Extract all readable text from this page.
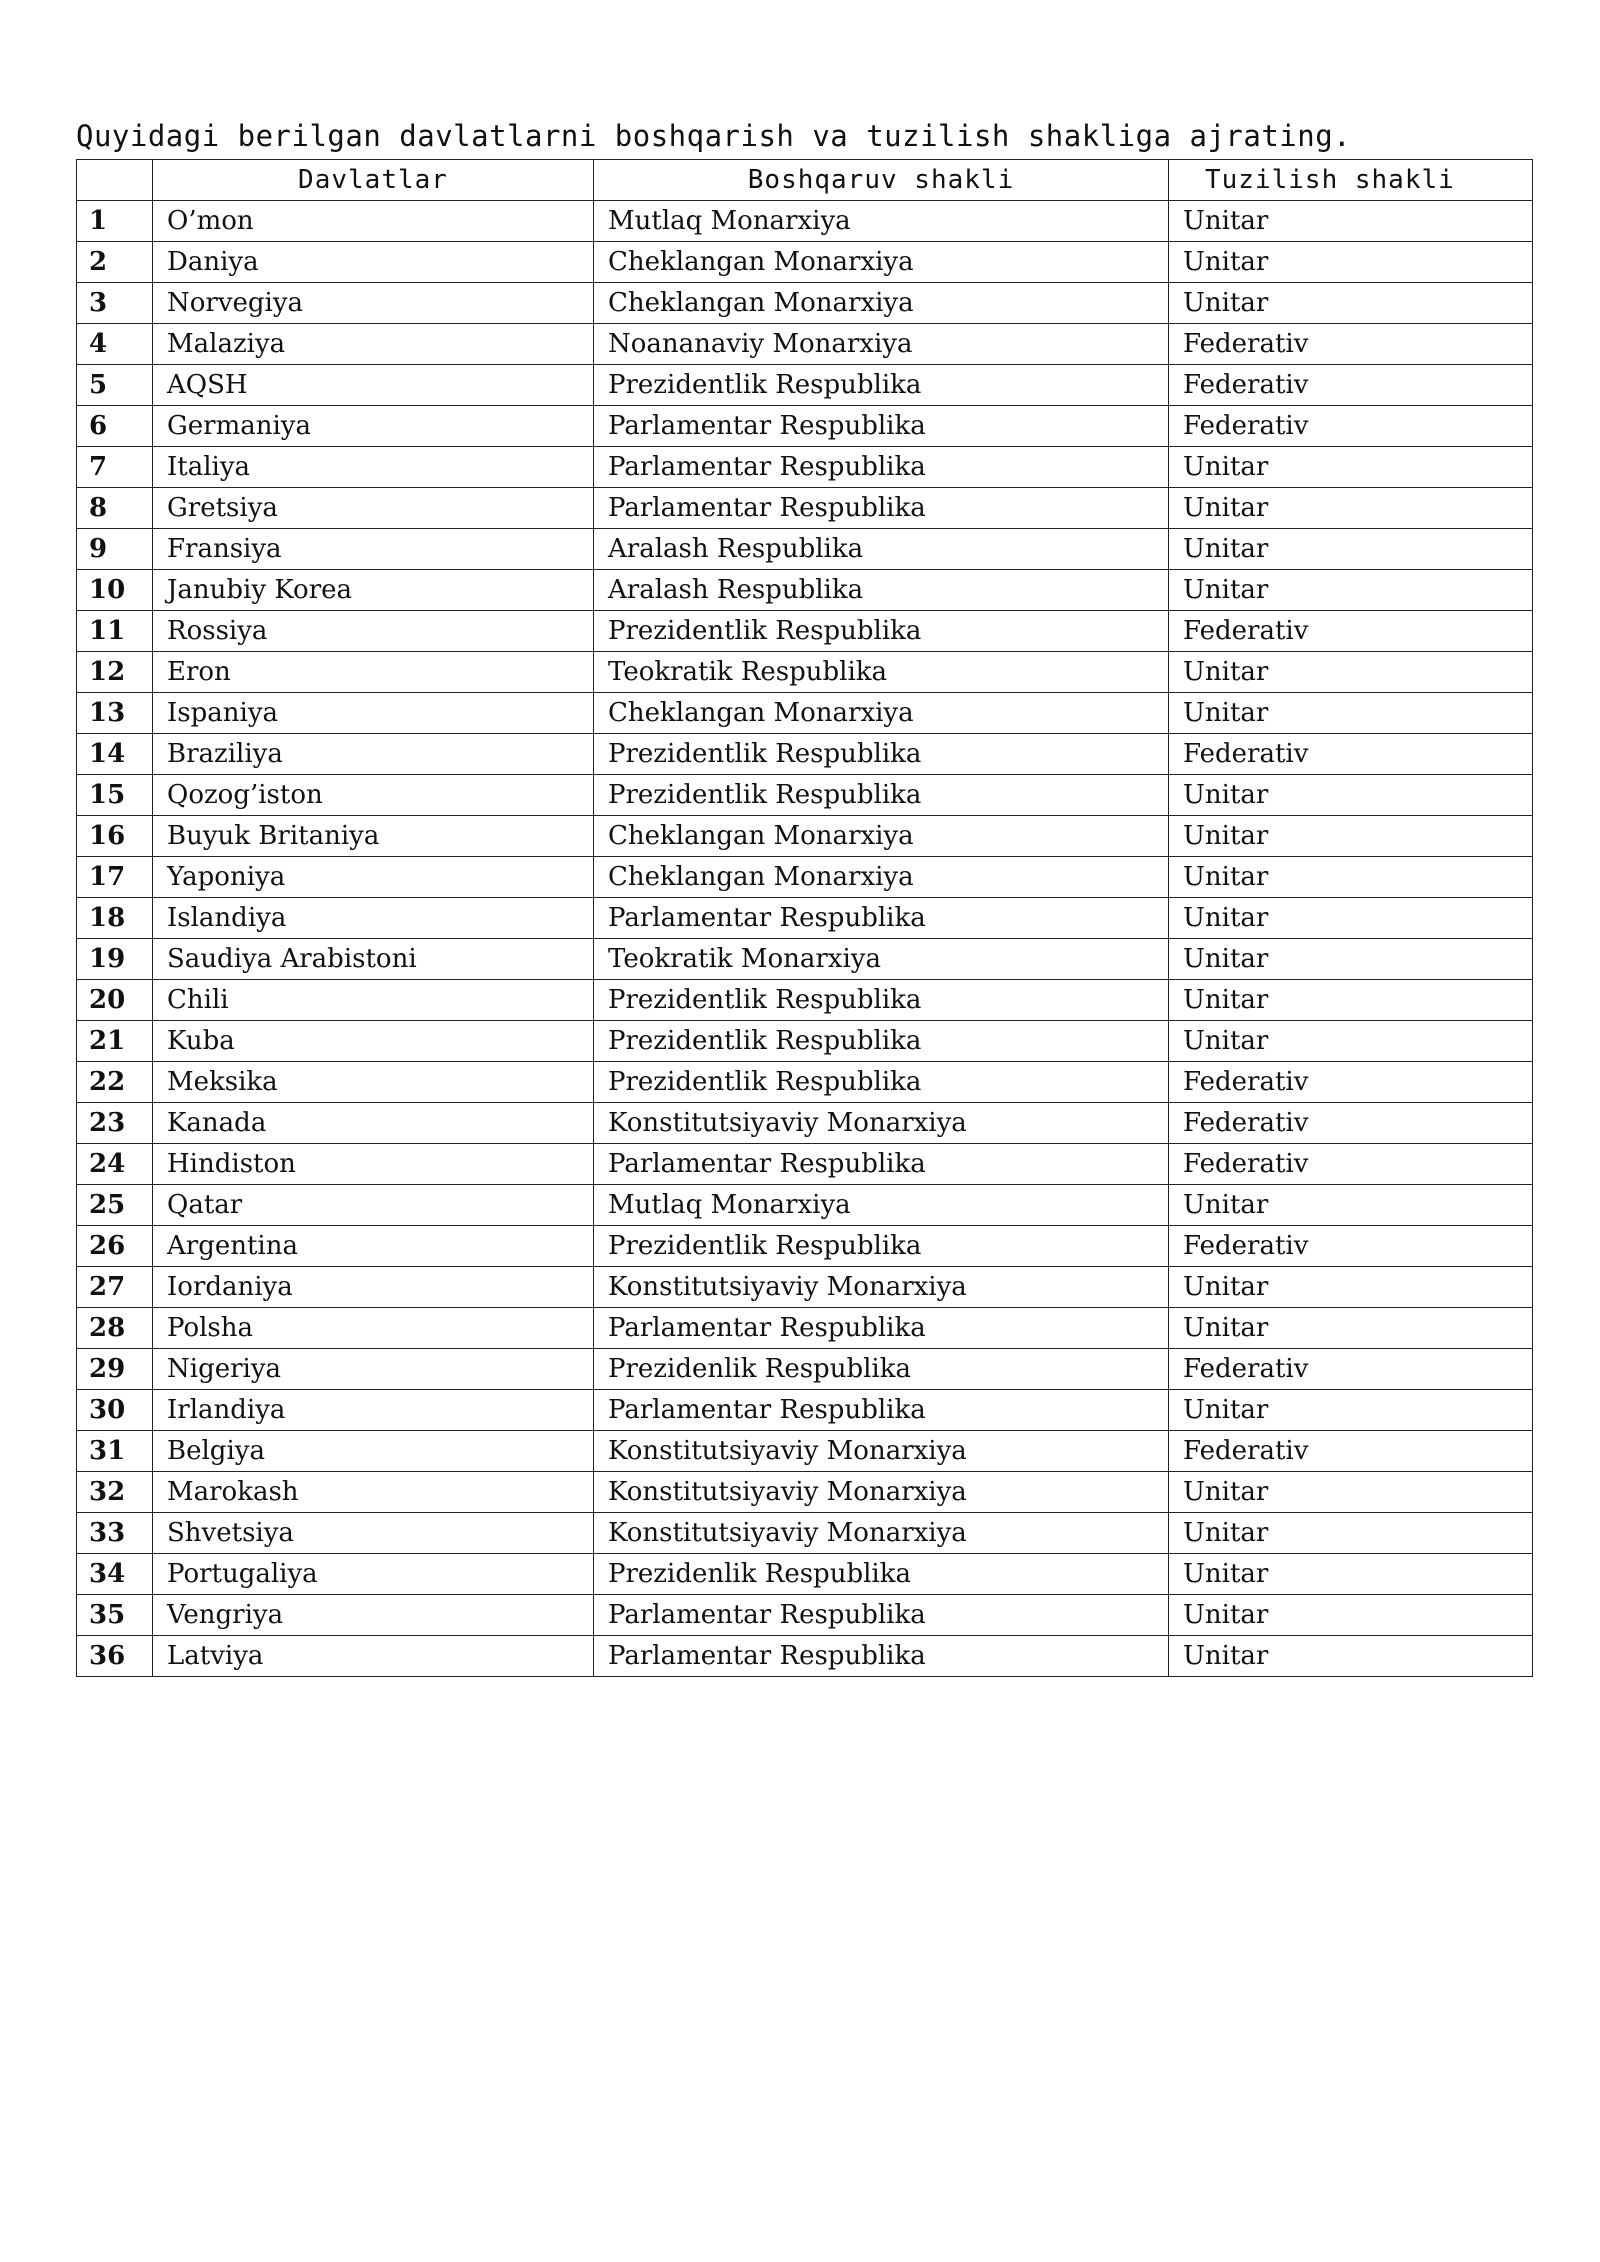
Quyidagi berilgan davlatlarni boshqarish va tuzilish shakliga ajrating.
	Davlatlar	Boshqaruv shakli	Tuzilish shakli
1	O’mon	Mutlaq Monarxiya	Unitar
2	Daniya	Cheklangan Monarxiya	Unitar
3	Norvegiya	Cheklangan Monarxiya	Unitar
4	Malaziya	Noananaviy Monarxiya	Federativ
5	AQSH	Prezidentlik Respublika	Federativ
6	Germaniya	Parlamentar Respublika	Federativ
7	Italiya	Parlamentar Respublika	Unitar
8	Gretsiya	Parlamentar Respublika	Unitar
9	Fransiya	Aralash Respublika	Unitar
10	Janubiy Korea	Aralash Respublika	Unitar
11	Rossiya	Prezidentlik Respublika	Federativ
12	Eron	Teokratik Respublika	Unitar
13	Ispaniya	Cheklangan Monarxiya	Unitar
14	Braziliya	Prezidentlik Respublika	Federativ
15	Qozog’iston	Prezidentlik Respublika	Unitar
16	Buyuk Britaniya	Cheklangan Monarxiya	Unitar
17	Yaponiya	Cheklangan Monarxiya	Unitar
18	Islandiya	Parlamentar Respublika	Unitar
19	Saudiya Arabistoni	Teokratik Monarxiya	Unitar
20	Chili	Prezidentlik Respublika	Unitar
21	Kuba	Prezidentlik Respublika	Unitar
22	Meksika	Prezidentlik Respublika	Federativ
23	Kanada	Konstitutsiyaviy Monarxiya	Federativ
24	Hindiston	Parlamentar Respublika	Federativ
25	Qatar	Mutlaq Monarxiya	Unitar
26	Argentina	Prezidentlik Respublika	Federativ
27	Iordaniya	Konstitutsiyaviy Monarxiya	Unitar
28	Polsha	Parlamentar Respublika	Unitar
29	Nigeriya	Prezidenlik Respublika	Federativ
30	Irlandiya	Parlamentar Respublika	Unitar
31	Belgiya	Konstitutsiyaviy Monarxiya	Federativ
32	Marokash	Konstitutsiyaviy Monarxiya	Unitar
33	Shvetsiya	Konstitutsiyaviy Monarxiya	Unitar
34	Portugaliya	Prezidenlik Respublika	Unitar
35	Vengriya	Parlamentar Respublika	Unitar
36	Latviya	Parlamentar Respublika	Unitar
